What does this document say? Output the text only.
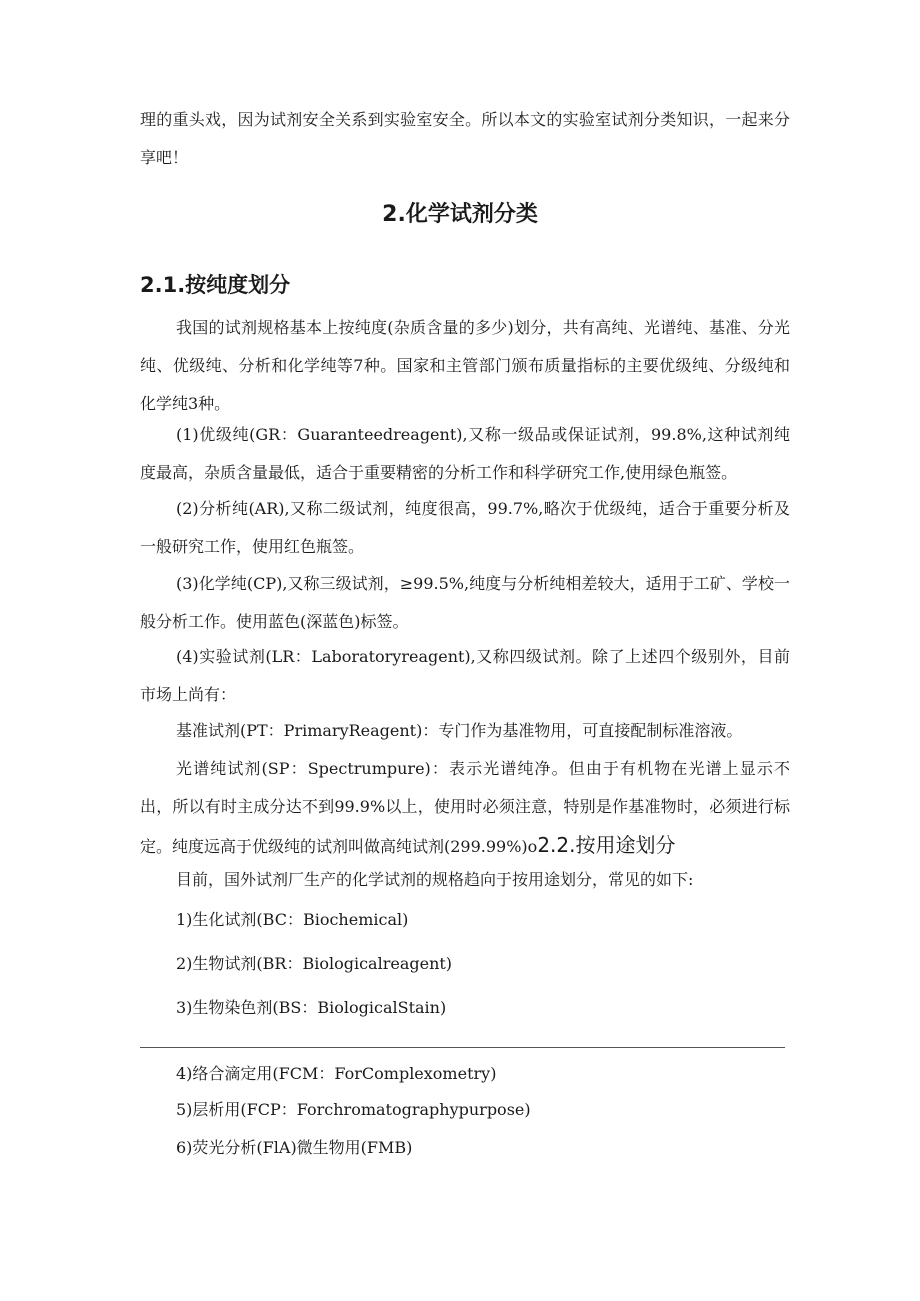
理的重头戏，因为试剂安全关系到实验室安全。所以本文的实验室试剂分类知识，一起来分享吧！

2.化学试剂分类
2.1.按纯度划分

我国的试剂规格基本上按纯度(杂质含量的多少)划分，共有高纯、光谱纯、基准、分光纯、优级纯、分析和化学纯等7种。国家和主管部门颁布质量指标的主要优级纯、分级纯和化学纯3种。

(1)优级纯(GR：Guaranteedreagent),又称一级品或保证试剂，99.8%,这种试剂纯度最高，杂质含量最低，适合于重要精密的分析工作和科学研究工作,使用绿色瓶签。

(2)分析纯(AR),又称二级试剂，纯度很高，99.7%,略次于优级纯，适合于重要分析及一般研究工作，使用红色瓶签。

(3)化学纯(CP),又称三级试剂，≥99.5%,纯度与分析纯相差较大，适用于工矿、学校一般分析工作。使用蓝色(深蓝色)标签。

(4)实验试剂(LR：Laboratoryreagent),又称四级试剂。除了上述四个级别外，目前市场上尚有：

基准试剂(PT：PrimaryReagent)：专门作为基准物用，可直接配制标准溶液。

光谱纯试剂(SP：Spectrumpure)：表示光谱纯净。但由于有机物在光谱上显示不出，所以有时主成分达不到99.9%以上，使用时必须注意，特别是作基准物时，必须进行标定。纯度远高于优级纯的试剂叫做高纯试剂(299.99%)o2.2.按用途划分

目前，国外试剂厂生产的化学试剂的规格趋向于按用途划分，常见的如下:

1)生化试剂(BC：Biochemical)

2)生物试剂(BR：Biologicalreagent)

3)生物染色剂(BS：BiologicalStain)

4)络合滴定用(FCM：ForComplexometry)

5)层析用(FCP：Forchromatographypurpose)

6)荧光分析(FlA)微生物用(FMB)
